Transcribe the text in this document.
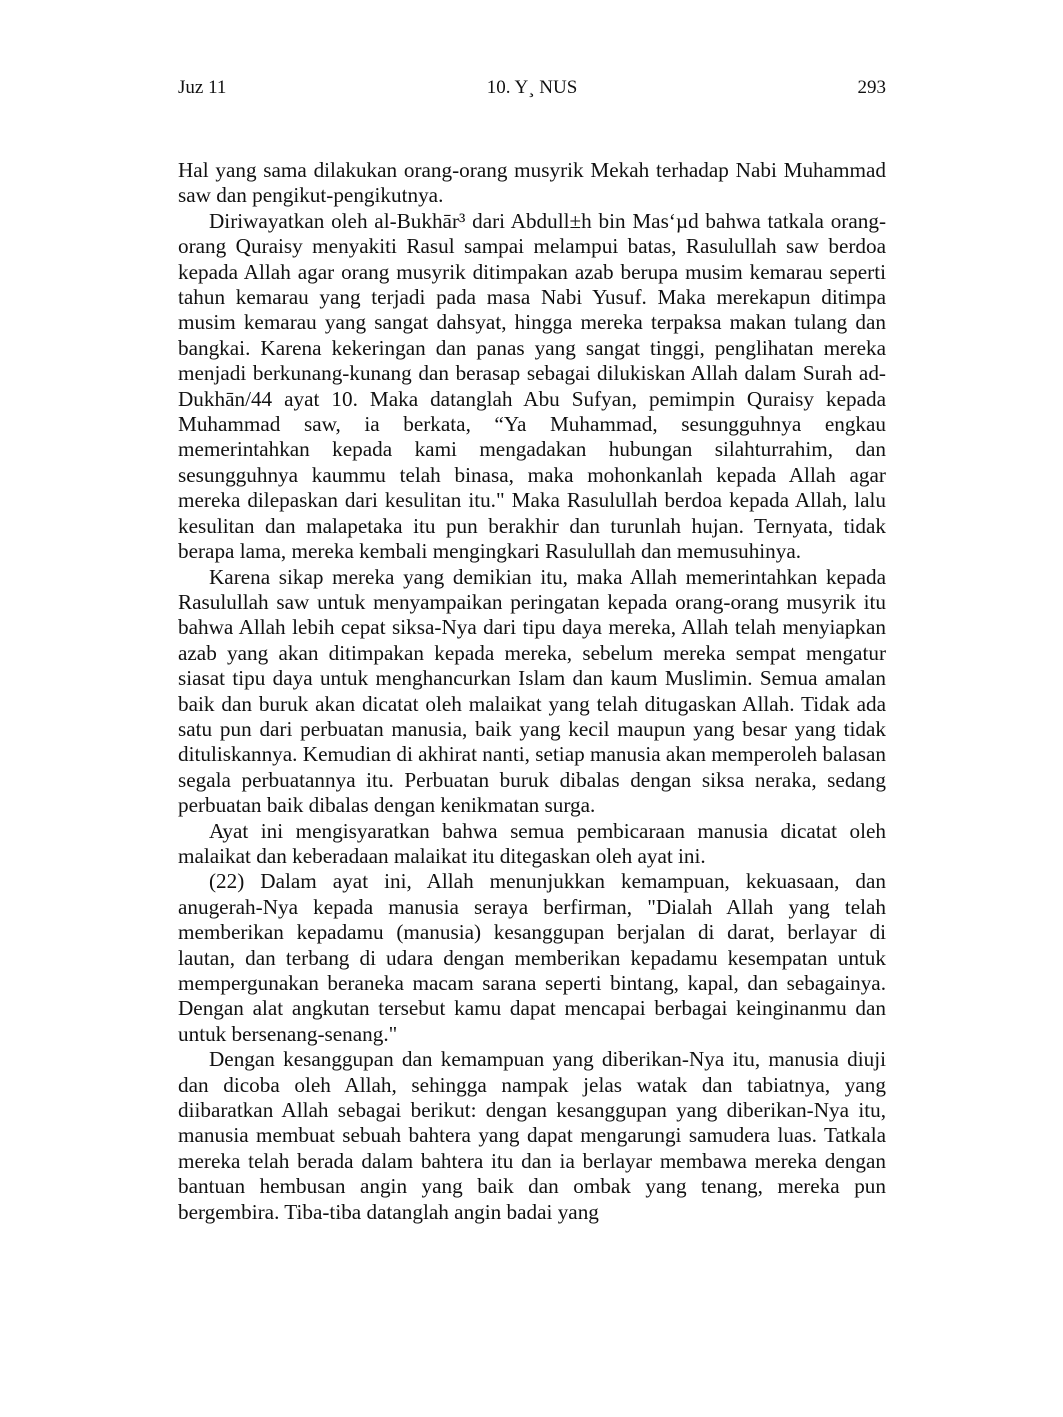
Juz 11	10. Y¸ NUS	293

Hal yang sama dilakukan orang-orang musyrik Mekah terhadap Nabi Muhammad saw dan pengikut-pengikutnya.

Diriwayatkan oleh al-Bukhār³ dari Abdull±h bin Mas‘µd bahwa tatkala orang-orang Quraisy menyakiti Rasul sampai melampui batas, Rasulullah saw berdoa kepada Allah agar orang musyrik ditimpakan azab berupa musim kemarau seperti tahun kemarau yang terjadi pada masa Nabi Yusuf. Maka merekapun ditimpa musim kemarau yang sangat dahsyat, hingga mereka terpaksa makan tulang dan bangkai. Karena kekeringan dan panas yang sangat tinggi, penglihatan mereka menjadi berkunang-kunang dan berasap sebagai dilukiskan Allah dalam Surah ad-Dukhān/44 ayat 10. Maka datanglah Abu Sufyan, pemimpin Quraisy kepada Muhammad saw, ia berkata, “Ya Muhammad, sesungguhnya engkau memerintahkan kepada kami mengadakan hubungan silahturrahim, dan sesungguhnya kaummu telah binasa, maka mohonkanlah kepada Allah agar mereka dilepaskan dari kesulitan itu." Maka Rasulullah berdoa kepada Allah, lalu kesulitan dan malapetaka itu pun berakhir dan turunlah hujan. Ternyata, tidak berapa lama, mereka kembali mengingkari Rasulullah dan memusuhinya.

Karena sikap mereka yang demikian itu, maka Allah memerintahkan kepada Rasulullah saw untuk menyampaikan peringatan kepada orang-orang musyrik itu bahwa Allah lebih cepat siksa-Nya dari tipu daya mereka, Allah telah menyiapkan azab yang akan ditimpakan kepada mereka, sebelum mereka sempat mengatur siasat tipu daya untuk menghancurkan Islam dan kaum Muslimin. Semua amalan baik dan buruk akan dicatat oleh malaikat yang telah ditugaskan Allah. Tidak ada satu pun dari perbuatan manusia, baik yang kecil maupun yang besar yang tidak dituliskannya. Kemudian di akhirat nanti, setiap manusia akan memperoleh balasan segala perbuatannya itu. Perbuatan buruk dibalas dengan siksa neraka, sedang perbuatan baik dibalas dengan kenikmatan surga.

Ayat ini mengisyaratkan bahwa semua pembicaraan manusia dicatat oleh malaikat dan keberadaan malaikat itu ditegaskan oleh ayat ini.

(22) Dalam ayat ini, Allah menunjukkan kemampuan, kekuasaan, dan anugerah-Nya kepada manusia seraya berfirman, "Dialah Allah yang telah memberikan kepadamu (manusia) kesanggupan berjalan di darat, berlayar di lautan, dan terbang di udara dengan memberikan kepadamu kesempatan untuk mempergunakan beraneka macam sarana seperti bintang, kapal, dan sebagainya. Dengan alat angkutan tersebut kamu dapat mencapai berbagai keinginanmu dan untuk bersenang-senang."

Dengan kesanggupan dan kemampuan yang diberikan-Nya itu, manusia diuji dan dicoba oleh Allah, sehingga nampak jelas watak dan tabiatnya, yang diibaratkan Allah sebagai berikut: dengan kesanggupan yang diberikan-Nya itu, manusia membuat sebuah bahtera yang dapat mengarungi samudera luas. Tatkala mereka telah berada dalam bahtera itu dan ia berlayar membawa mereka dengan bantuan hembusan angin yang baik dan ombak yang tenang, mereka pun bergembira. Tiba-tiba datanglah angin badai yang
